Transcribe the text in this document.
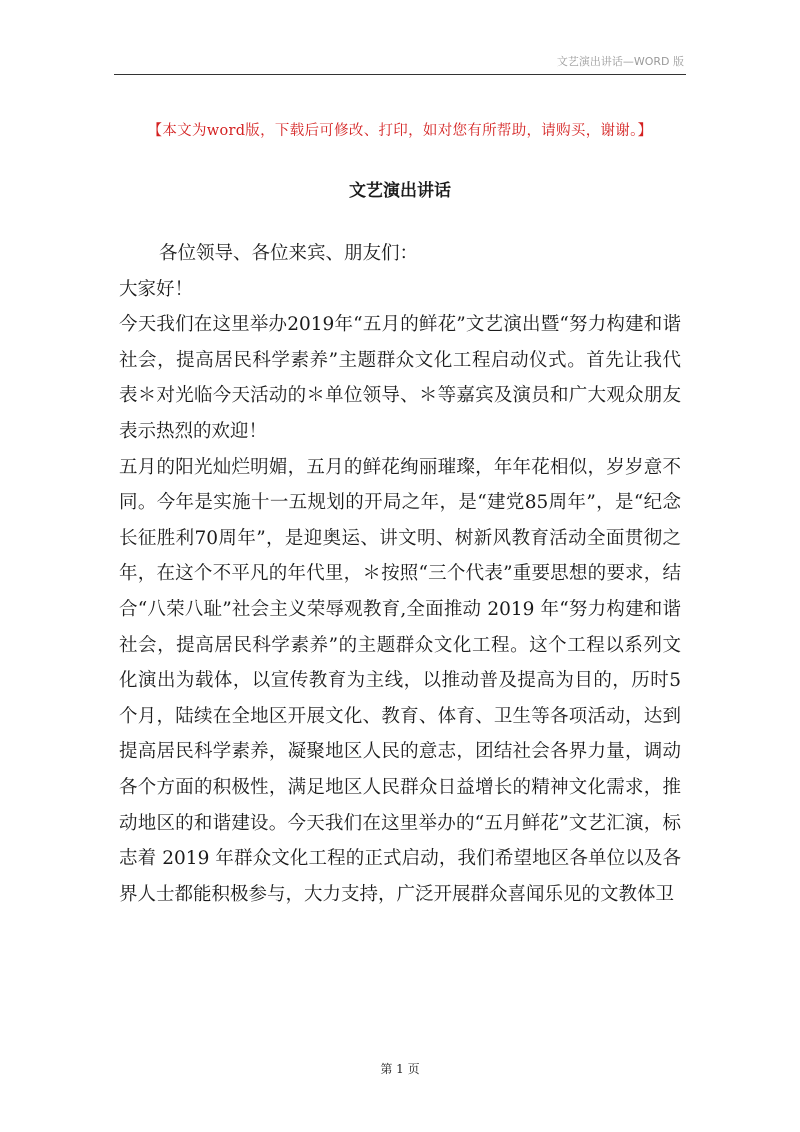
文艺演出讲话—WORD 版
【本文为word版，下载后可修改、打印，如对您有所帮助，请购买，谢谢。】
文艺演出讲话

各位领导、各位来宾、朋友们：

大家好！

今天我们在这里举办2019年“五月的鲜花”文艺演出暨“努力构建和谐社会，提高居民科学素养”主题群众文化工程启动仪式。首先让我代表＊对光临今天活动的＊单位领导、＊等嘉宾及演员和广大观众朋友表示热烈的欢迎！

五月的阳光灿烂明媚，五月的鲜花绚丽璀璨，年年花相似，岁岁意不同。今年是实施十一五规划的开局之年，是“建党85周年”，是“纪念长征胜利70周年”，是迎奥运、讲文明、树新风教育活动全面贯彻之年，在这个不平凡的年代里，＊按照“三个代表”重要思想的要求，结合“八荣八耻”社会主义荣辱观教育,全面推动 2019 年“努力构建和谐社会，提高居民科学素养”的主题群众文化工程。这个工程以系列文化演出为载体，以宣传教育为主线，以推动普及提高为目的，历时5个月，陆续在全地区开展文化、教育、体育、卫生等各项活动，达到提高居民科学素养，凝聚地区人民的意志，团结社会各界力量，调动各个方面的积极性，满足地区人民群众日益增长的精神文化需求，推动地区的和谐建设。今天我们在这里举办的“五月鲜花”文艺汇演，标志着 2019 年群众文化工程的正式启动，我们希望地区各单位以及各界人士都能积极参与，大力支持，广泛开展群众喜闻乐见的文教体卫

第 1 页
